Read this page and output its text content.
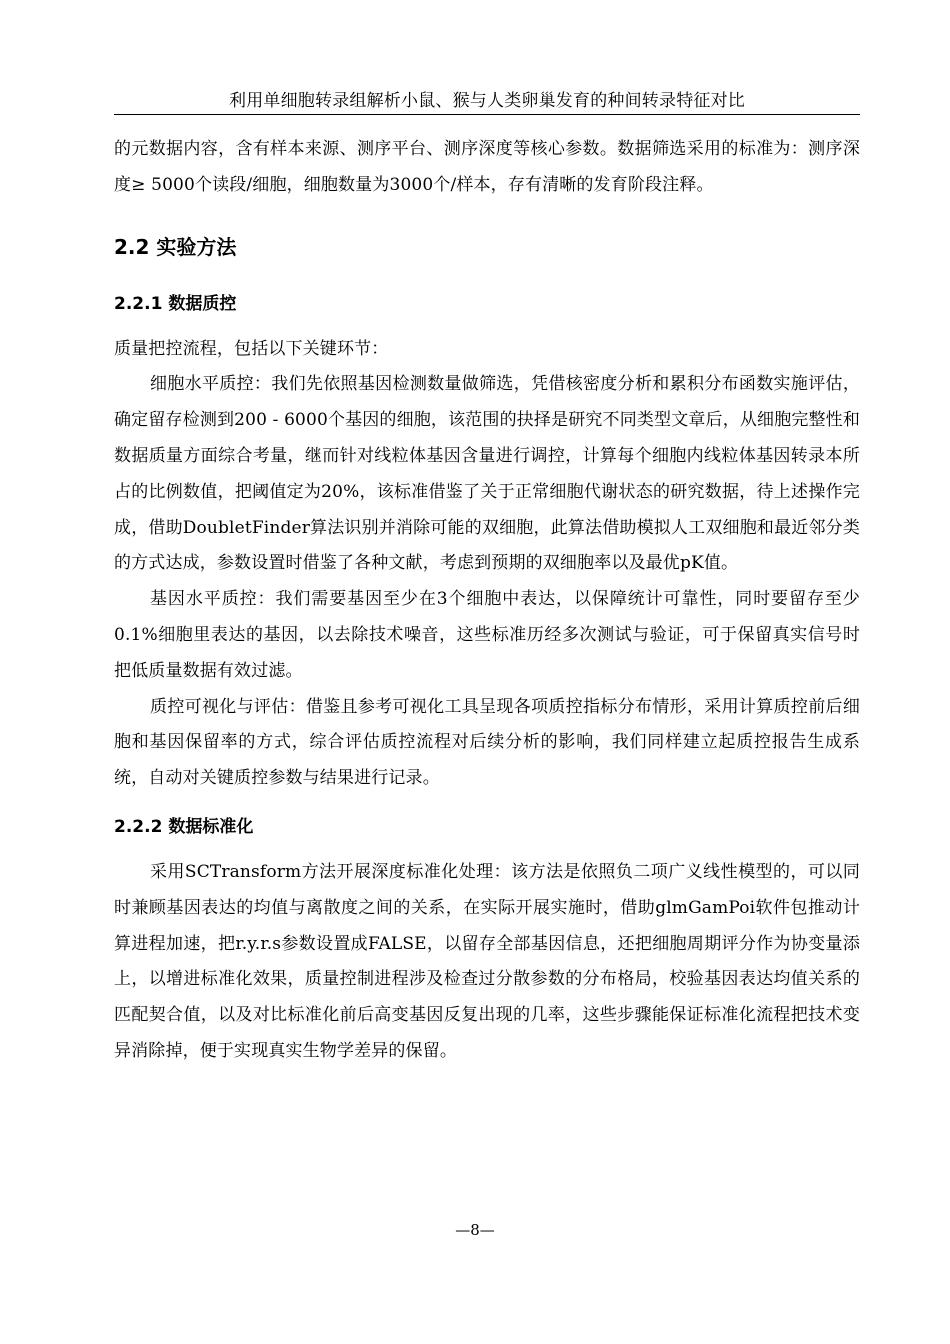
利用单细胞转录组解析小鼠、猴与人类卵巢发育的种间转录特征对比

的元数据内容，含有样本来源、测序平台、测序深度等核心参数。数据筛选采用的标准为：测序深度≥ 5000个读段/细胞，细胞数量为3000个/样本，存有清晰的发育阶段注释。

2.2 实验方法
2.2.1 数据质控

质量把控流程，包括以下关键环节：

细胞水平质控：我们先依照基因检测数量做筛选，凭借核密度分析和累积分布函数实施评估，确定留存检测到200 - 6000个基因的细胞，该范围的抉择是研究不同类型文章后，从细胞完整性和数据质量方面综合考量，继而针对线粒体基因含量进行调控，计算每个细胞内线粒体基因转录本所占的比例数值，把阈值定为20%，该标准借鉴了关于正常细胞代谢状态的研究数据，待上述操作完成，借助DoubletFinder算法识别并消除可能的双细胞，此算法借助模拟人工双细胞和最近邻分类的方式达成，参数设置时借鉴了各种文献，考虑到预期的双细胞率以及最优pK值。

基因水平质控：我们需要基因至少在3个细胞中表达，以保障统计可靠性，同时要留存至少0.1%细胞里表达的基因，以去除技术噪音，这些标准历经多次测试与验证，可于保留真实信号时把低质量数据有效过滤。

质控可视化与评估：借鉴且参考可视化工具呈现各项质控指标分布情形，采用计算质控前后细胞和基因保留率的方式，综合评估质控流程对后续分析的影响，我们同样建立起质控报告生成系统，自动对关键质控参数与结果进行记录。

2.2.2 数据标准化

采用SCTransform方法开展深度标准化处理：该方法是依照负二项广义线性模型的，可以同时兼顾基因表达的均值与离散度之间的关系，在实际开展实施时，借助glmGamPoi软件包推动计算进程加速，把r.y.r.s参数设置成FALSE，以留存全部基因信息，还把细胞周期评分作为协变量添上，以增进标准化效果，质量控制进程涉及检查过分散参数的分布格局，校验基因表达均值关系的匹配契合值，以及对比标准化前后高变基因反复出现的几率，这些步骤能保证标准化流程把技术变异消除掉，便于实现真实生物学差异的保留。

—8—
